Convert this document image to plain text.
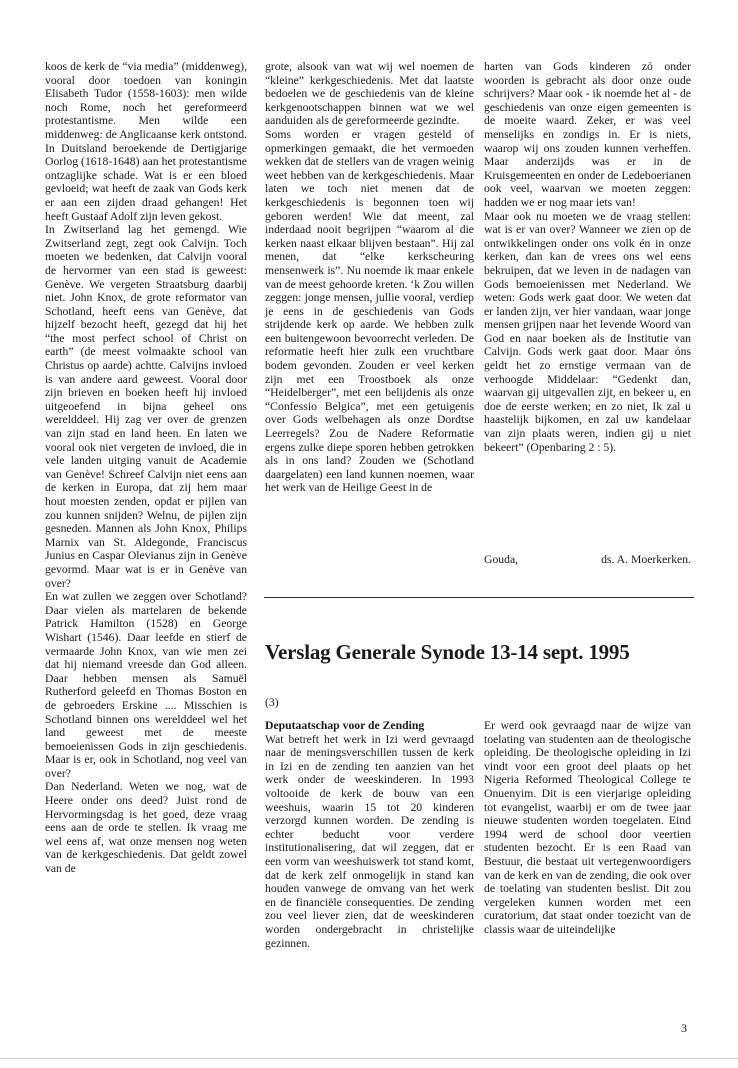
koos de kerk de “via media” (middenweg), vooral door toedoen van koningin Elisabeth Tudor (1558-1603): men wilde noch Rome, noch het gereformeerd protestantisme. Men wilde een middenweg: de Anglicaanse kerk ontstond. In Duitsland beroekende de Dertigjarige Oorlog (1618-1648) aan het protestantisme ontzaglijke schade. Wat is er een bloed gevloeid; wat heeft de zaak van Gods kerk er aan een zijden draad gehangen! Het heeft Gustaaf Adolf zijn leven gekost.

In Zwitserland lag het gemengd. Wie Zwitserland zegt, zegt ook Calvijn. Toch moeten we bedenken, dat Calvijn vooral de hervormer van een stad is geweest: Genève. We vergeten Straatsburg daarbij niet. John Knox, de grote reformator van Schotland, heeft eens van Genève, dat hijzelf bezocht heeft, gezegd dat hij het “the most perfect school of Christ on earth” (de meest volmaakte school van Christus op aarde) achtte. Calvijns invloed is van andere aard geweest. Vooral door zijn brieven en boeken heeft hij invloed uitgeoefend in bijna geheel ons werelddeel. Hij zag ver over de grenzen van zijn stad en land heen. En laten we vooral ook niet vergeten de invloed, die in vele landen uitging vanuit de Academie van Genève! Schreef Calvijn niet eens aan de kerken in Europa, dat zij hem maar hout moesten zenden, opdat er pijlen van zou kunnen snijden? Welnu, de pijlen zijn gesneden. Mannen als John Knox, Philips Marnix van St. Aldegonde, Franciscus Junius en Caspar Olevianus zijn in Genève gevormd. Maar wat is er in Genève van over?

En wat zullen we zeggen over Schotland? Daar vielen als martelaren de bekende Patrick Hamilton (1528) en George Wishart (1546). Daar leefde en stierf de vermaarde John Knox, van wie men zei dat hij niemand vreesde dan God alleen. Daar hebben mensen als Samuël Rutherford geleefd en Thomas Boston en de gebroeders Erskine .... Misschien is Schotland binnen ons werelddeel wel het land geweest met de meeste bemoeienissen Gods in zijn geschiedenis. Maar is er, ook in Schotland, nog veel van over?

Dan Nederland. Weten we nog, wat de Heere onder ons deed? Juist rond de Hervormingsdag is het goed, deze vraag eens aan de orde te stellen. Ik vraag me wel eens af, wat onze mensen nog weten van de kerkgeschiedenis. Dat geldt zowel van de

grote, alsook van wat wij wel noemen de “kleine” kerkgeschiedenis. Met dat laatste bedoelen we de geschiedenis van de kleine kerkgenootschappen binnen wat we wel aanduiden als de gereformeerde gezindte.

Soms worden er vragen gesteld of opmerkingen gemaakt, die het vermoeden wekken dat de stellers van de vragen weinig weet hebben van de kerkgeschiedenis. Maar laten we toch niet menen dat de kerkgeschiedenis is begonnen toen wij geboren werden! Wie dat meent, zal inderdaad nooit begrijpen “waarom al die kerken naast elkaar blijven bestaan”. Hij zal menen, dat “elke kerkscheuring mensenwerk is”. Nu noemde ik maar enkele van de meest gehoorde kreten. ‘k Zou willen zeggen: jonge mensen, jullie vooral, verdiep je eens in de geschiedenis van Gods strijdende kerk op aarde. We hebben zulk een buitengewoon bevoorrecht verleden. De reformatie heeft hier zulk een vruchtbare bodem gevonden. Zouden er veel kerken zijn met een Troostboek als onze “Heidelberger”, met een belijdenis als onze “Confessio Belgica”, met een getuigenis over Gods welbehagen als onze Dordtse Leerregels? Zou de Nadere Reformatie ergens zulke diepe sporen hebben getrokken als in ons land? Zouden we (Schotland daargelaten) een land kunnen noemen, waar het werk van de Heilige Geest in de

harten van Gods kinderen zó onder woorden is gebracht als door onze oude schrijvers? Maar ook - ik noemde het al - de geschiedenis van onze eigen gemeenten is de moeite waard. Zeker, er was veel menselijks en zondigs in. Er is niets, waarop wij ons zouden kunnen verheffen. Maar anderzijds was er in de Kruisgemeenten en onder de Ledeboerianen ook veel, waarvan we moeten zeggen: hadden we er nog maar iets van!

Maar ook nu moeten we de vraag stellen: wat is er van over? Wanneer we zien op de ontwikkelingen onder ons volk én in onze kerken, dan kan de vrees ons wel eens bekruipen, dat we leven in de nadagen van Gods bemoeienissen met Nederland. We weten: Gods werk gaat door. We weten dat er landen zijn, ver hier vandaan, waar jonge mensen grijpen naar het levende Woord van God en naar boeken als de Institutie van Calvijn. Gods werk gaat door. Maar óns geldt het zo ernstige vermaan van de verhoogde Middelaar: “Gedenkt dan, waarvan gij uitgevallen zijt, en bekeer u, en doe de eerste werken; en zo niet, Ik zal u haastelijk bijkomen, en zal uw kandelaar van zijn plaats weren, indien gij u niet bekeert” (Openbaring 2 : 5).

Gouda,	ds. A. Moerkerken.
Verslag Generale Synode 13-14 sept. 1995
(3)

Deputaatschap voor de Zending

Wat betreft het werk in Izi werd gevraagd naar de meningsverschillen tussen de kerk in Izi en de zending ten aanzien van het werk onder de weeskinderen. In 1993 voltooide de kerk de bouw van een weeshuis, waarin 15 tot 20 kinderen verzorgd kunnen worden. De zending is echter beducht voor verdere institutionalisering, dat wil zeggen, dat er een vorm van weeshuiswerk tot stand komt, dat de kerk zelf onmogelijk in stand kan houden vanwege de omvang van het werk en de financiële consequenties. De zending zou veel liever zien, dat de weeskinderen worden ondergebracht in christelijke gezinnen.

Er werd ook gevraagd naar de wijze van toelating van studenten aan de theologische opleiding. De theologische opleiding in Izi vindt voor een groot deel plaats op het Nigeria Reformed Theological College te Onuenyim. Dit is een vierjarige opleiding tot evangelist, waarbij er om de twee jaar nieuwe studenten worden toegelaten. Eind 1994 werd de school door veertien studenten bezocht. Er is een Raad van Bestuur, die bestaat uit vertegenwoordigers van de kerk en van de zending, die ook over de toelating van studenten beslist. Dit zou vergeleken kunnen worden met een curatorium, dat staat onder toezicht van de classis waar de uiteindelijke

3
